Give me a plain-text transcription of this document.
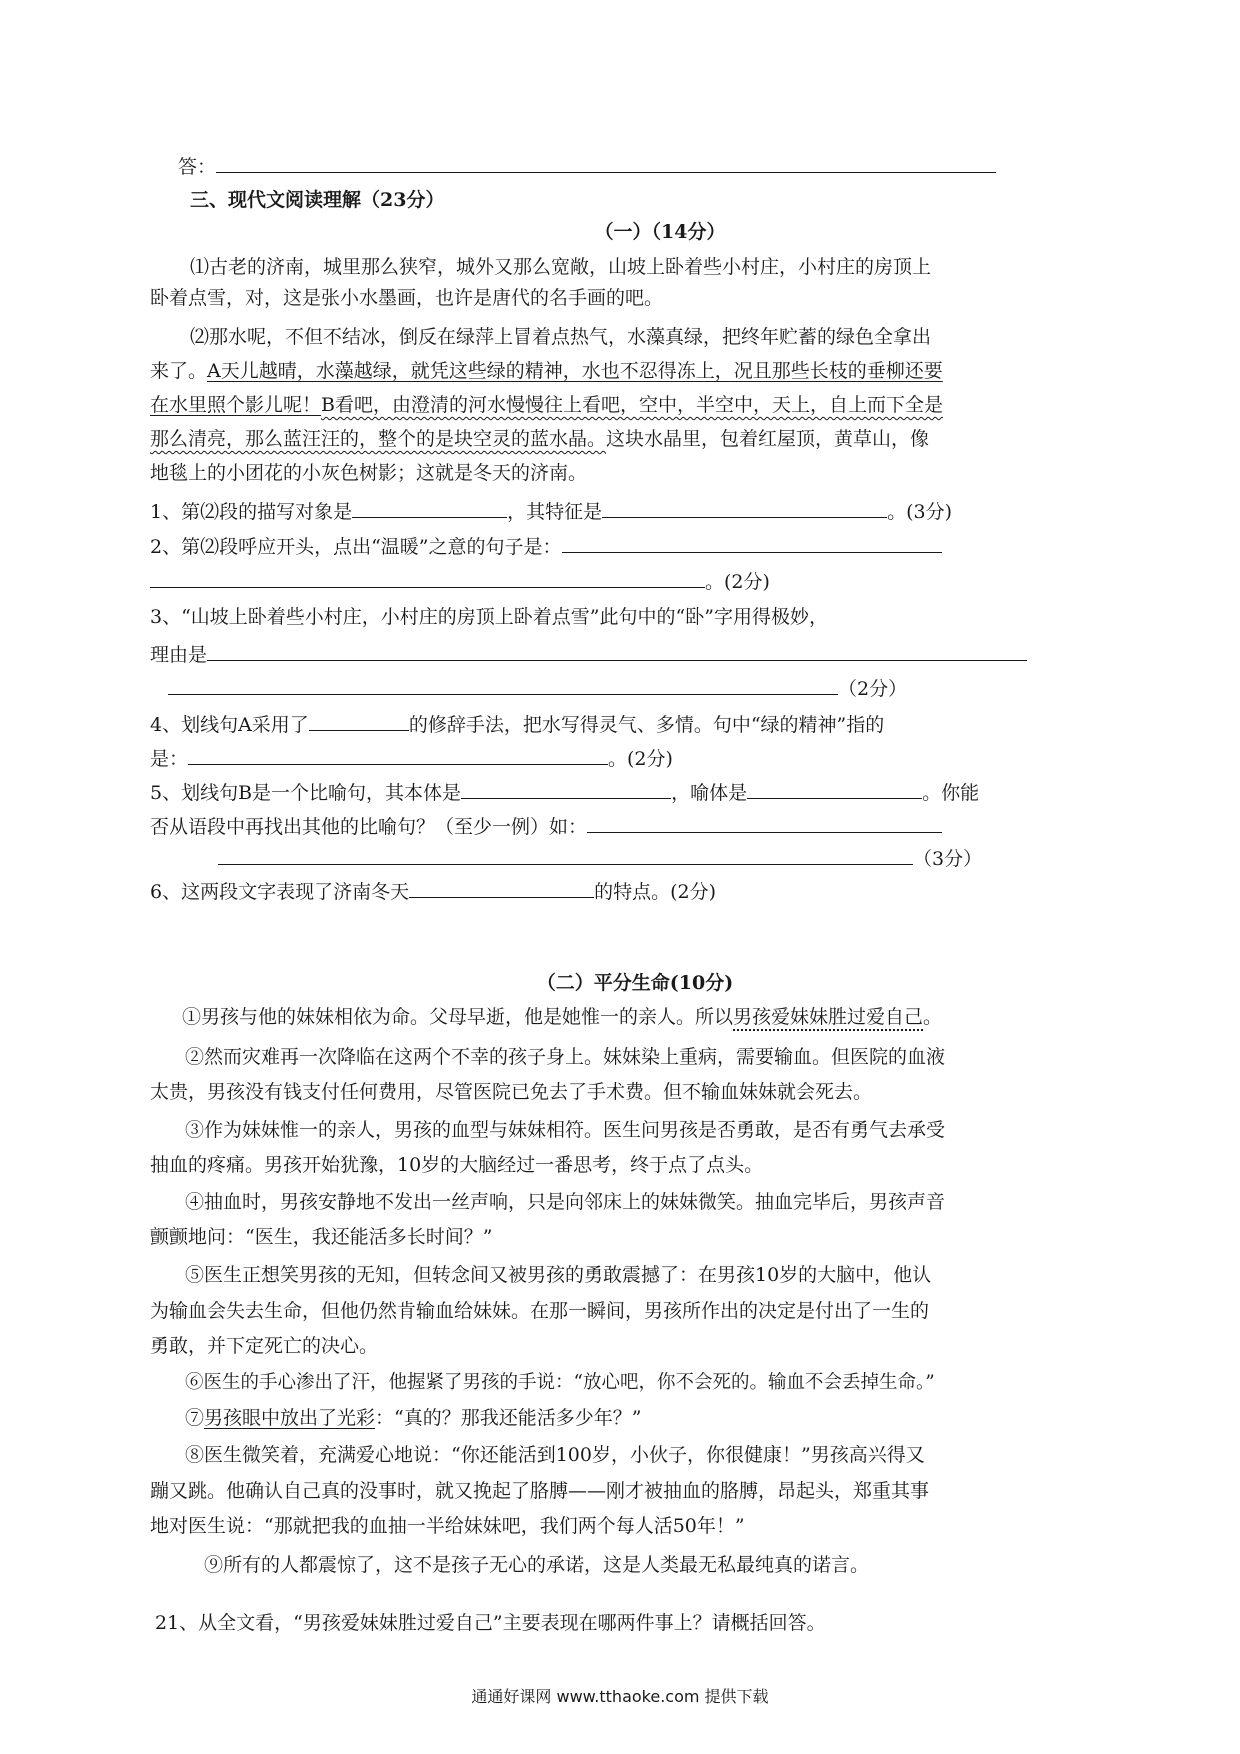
答：
三、现代文阅读理解（23分）
（一）（14分）
⑴古老的济南，城里那么狭窄，城外又那么宽敞，山坡上卧着些小村庄，小村庄的房顶上
卧着点雪，对，这是张小水墨画，也许是唐代的名手画的吧。
⑵那水呢，不但不结冰，倒反在绿萍上冒着点热气，水藻真绿，把终年贮蓄的绿色全拿出
来了。A天儿越晴，水藻越绿，就凭这些绿的精神，水也不忍得冻上，况且那些长枝的垂柳还要
在水里照个影儿呢！B看吧，由澄清的河水慢慢往上看吧，空中，半空中，天上，自上而下全是
那么清亮，那么蓝汪汪的，整个的是块空灵的蓝水晶。这块水晶里，包着红屋顶，黄草山，像
地毯上的小团花的小灰色树影；这就是冬天的济南。
1、第⑵段的描写对象是	，其特征是	。(3分)
2、第⑵段呼应开头，点出“温暖”之意的句子是：
。(2分)
3、“山坡上卧着些小村庄，小村庄的房顶上卧着点雪”此句中的“卧”字用得极妙，
理由是
（2分）
4、划线句A采用了	的修辞手法，把水写得灵气、多情。句中“绿的精神”指的
是：	。(2分)
5、划线句B是一个比喻句，其本体是	，喻体是	。你能
否从语段中再找出其他的比喻句？（至少一例）如：
（3分）
6、这两段文字表现了济南冬天	的特点。(2分)
（二）平分生命(10分)
①男孩与他的妹妹相依为命。父母早逝，他是她惟一的亲人。所以男孩爱妹妹胜过爱自己。
②然而灾难再一次降临在这两个不幸的孩子身上。妹妹染上重病，需要输血。但医院的血液
太贵，男孩没有钱支付任何费用，尽管医院已免去了手术费。但不输血妹妹就会死去。
③作为妹妹惟一的亲人，男孩的血型与妹妹相符。医生问男孩是否勇敢，是否有勇气去承受
抽血的疼痛。男孩开始犹豫，10岁的大脑经过一番思考，终于点了点头。
④抽血时，男孩安静地不发出一丝声响，只是向邻床上的妹妹微笑。抽血完毕后，男孩声音
颤颤地问：“医生，我还能活多长时间？”
⑤医生正想笑男孩的无知，但转念间又被男孩的勇敢震撼了：在男孩10岁的大脑中，他认
为输血会失去生命，但他仍然肯输血给妹妹。在那一瞬间，男孩所作出的决定是付出了一生的
勇敢，并下定死亡的决心。
⑥医生的手心渗出了汗，他握紧了男孩的手说：“放心吧，你不会死的。输血不会丢掉生命。”
⑦男孩眼中放出了光彩：“真的？那我还能活多少年？”
⑧医生微笑着，充满爱心地说：“你还能活到100岁，小伙子，你很健康！”男孩高兴得又
蹦又跳。他确认自己真的没事时，就又挽起了胳膊——刚才被抽血的胳膊，昂起头，郑重其事
地对医生说：“那就把我的血抽一半给妹妹吧，我们两个每人活50年！”
⑨所有的人都震惊了，这不是孩子无心的承诺，这是人类最无私最纯真的诺言。
21、从全文看，“男孩爱妹妹胜过爱自己”主要表现在哪两件事上？请概括回答。
通通好课网 www.tthaoke.com 提供下载
